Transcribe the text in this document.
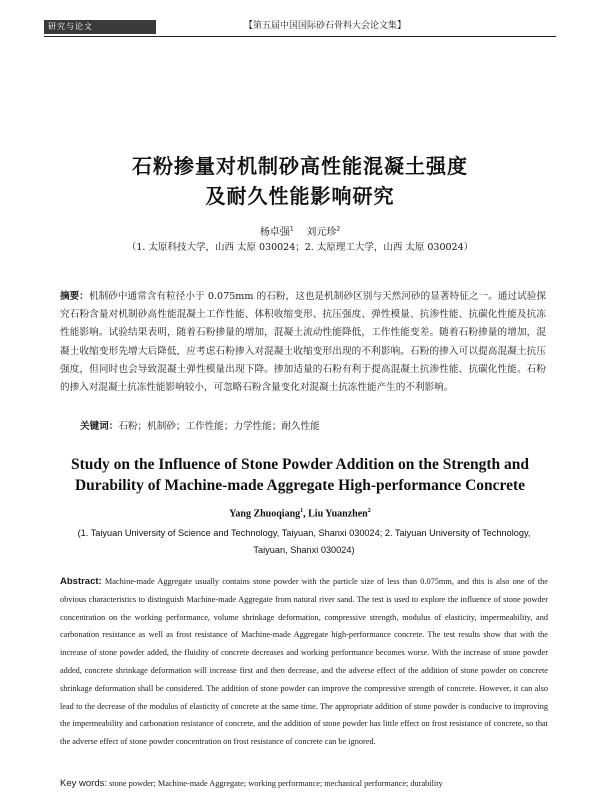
研究与论文	【第五届中国国际砂石骨料大会论文集】
石粉掺量对机制砂高性能混凝土强度
及耐久性能影响研究
杨卓强$^1$ 刘元珍$^2$
（1. 太原科技大学，山西 太原 030024；2. 太原理工大学，山西 太原 030024）
摘要：机制砂中通常含有粒径小于 0.075mm 的石粉，这也是机制砂区别与天然河砂的显著特征之一。通过试验探究石粉含量对机制砂高性能混凝土工作性能、体积收缩变形、抗压强度、弹性模量、抗渗性能、抗碳化性能及抗冻性能影响。试验结果表明，随着石粉掺量的增加，混凝土流动性能降低，工作性能变差。随着石粉掺量的增加，混凝土收缩变形先增大后降低，应考虑石粉掺入对混凝土收缩变形出现的不利影响。石粉的掺入可以提高混凝土抗压强度，但同时也会导致混凝土弹性模量出现下降。掺加适量的石粉有利于提高混凝土抗渗性能、抗碳化性能。石粉的掺入对混凝土抗冻性能影响较小，可忽略石粉含量变化对混凝土抗冻性能产生的不利影响。
关键词：石粉；机制砂；工作性能；力学性能；耐久性能
Study on the Influence of Stone Powder Addition on the Strength and
Durability of Machine-made Aggregate High-performance Concrete
Yang Zhuoqiang$^1$, Liu Yuanzhen$^2$
(1. Taiyuan University of Science and Technology, Taiyuan, Shanxi 030024; 2. Taiyuan University of Technology, Taiyuan, Shanxi 030024)
Abstract: Machine-made Aggregate usually contains stone powder with the particle size of less than 0.075mm, and this is also one of the obvious characteristics to distinguish Machine-made Aggregate from natural river sand. The test is used to explore the influence of stone powder concentration on the working performance, volume shrinkage deformation, compressive strength, modulus of elasticity, impermeability, and carbonation resistance as well as frost resistance of Machine-made Aggregate high-performance concrete. The test results show that with the increase of stone powder added, the fluidity of concrete decreases and working performance becomes worse. With the increase of stone powder added, concrete shrinkage deformation will increase first and then decrease, and the adverse effect of the addition of stone powder on concrete shrinkage deformation shall be considered. The addition of stone powder can improve the compressive strength of concrete. However, it can also lead to the decrease of the modulus of elasticity of concrete at the same time. The appropriate addition of stone powder is conducive to improving the impermeability and carbonation resistance of concrete, and the addition of stone powder has little effect on frost resistance of concrete, so that the adverse effect of stone powder concentration on frost resistance of concrete can be ignored.
Key words: stone powder; Machine-made Aggregate; working performance; mechanical performance; durability
